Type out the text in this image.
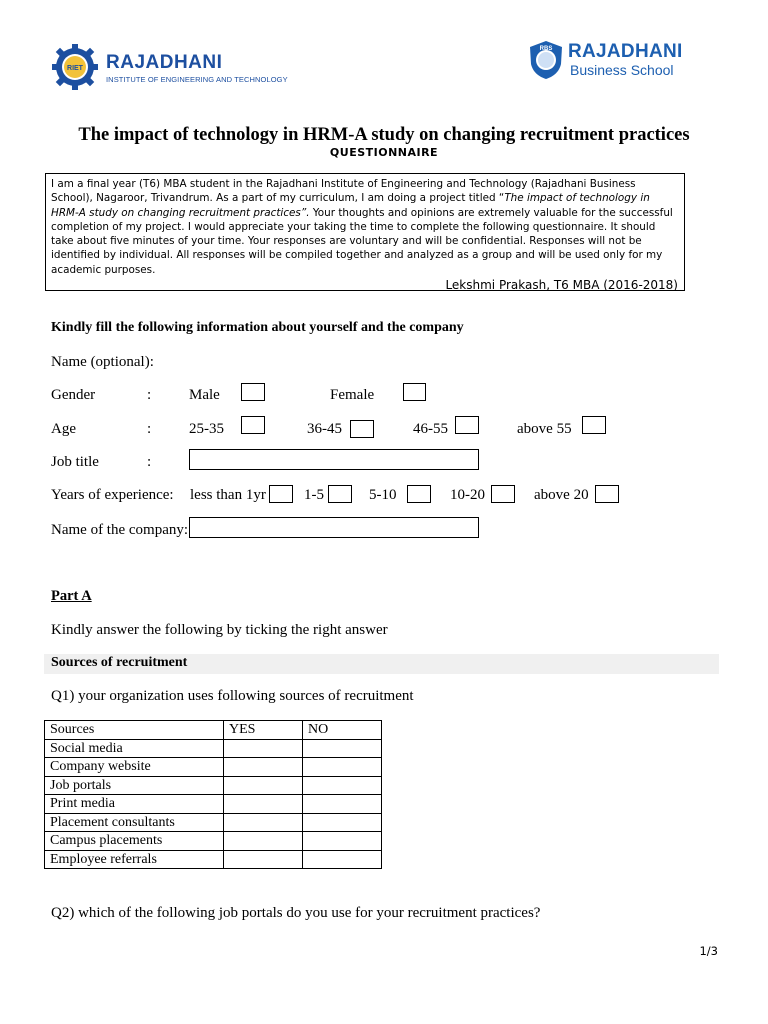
RIET RAJADHANI
INSTITUTE OF ENGINEERING AND TECHNOLOGY
RBS RAJADHANI
Business School
The impact of technology in HRM-A study on changing recruitment practices
QUESTIONNAIRE

I am a final year (T6) MBA student in the Rajadhani Institute of Engineering and Technology (Rajadhani Business School), Nagaroor, Trivandrum. As a part of my curriculum, I am doing a project titled “The impact of technology in HRM-A study on changing recruitment practices”. Your thoughts and opinions are extremely valuable for the successful completion of my project. I would appreciate your taking the time to complete the following questionnaire. It should take about five minutes of your time. Your responses are voluntary and will be confidential. Responses will not be identified by individual. All responses will be compiled together and analyzed as a group and will be used only for my academic purposes.

Lekshmi Prakash, T6 MBA (2016-2018)
Kindly fill the following information about yourself and the company
Name (optional):
Gender	:	Male	Female
Age	:	25-35	36-45	46-55	above 55
Job title	:
Years of experience: less than 1yr	1-5	5-10	10-20	above 20
Name of the company:
Part A
Kindly answer the following by ticking the right answer
Sources of recruitment
Q1) your organization uses following sources of recruitment
Sources	YES	NO
Social media		
Company website		
Job portals		
Print media		
Placement consultants		
Campus placements		
Employee referrals		
Q2) which of the following job portals do you use for your recruitment practices?
1/3
